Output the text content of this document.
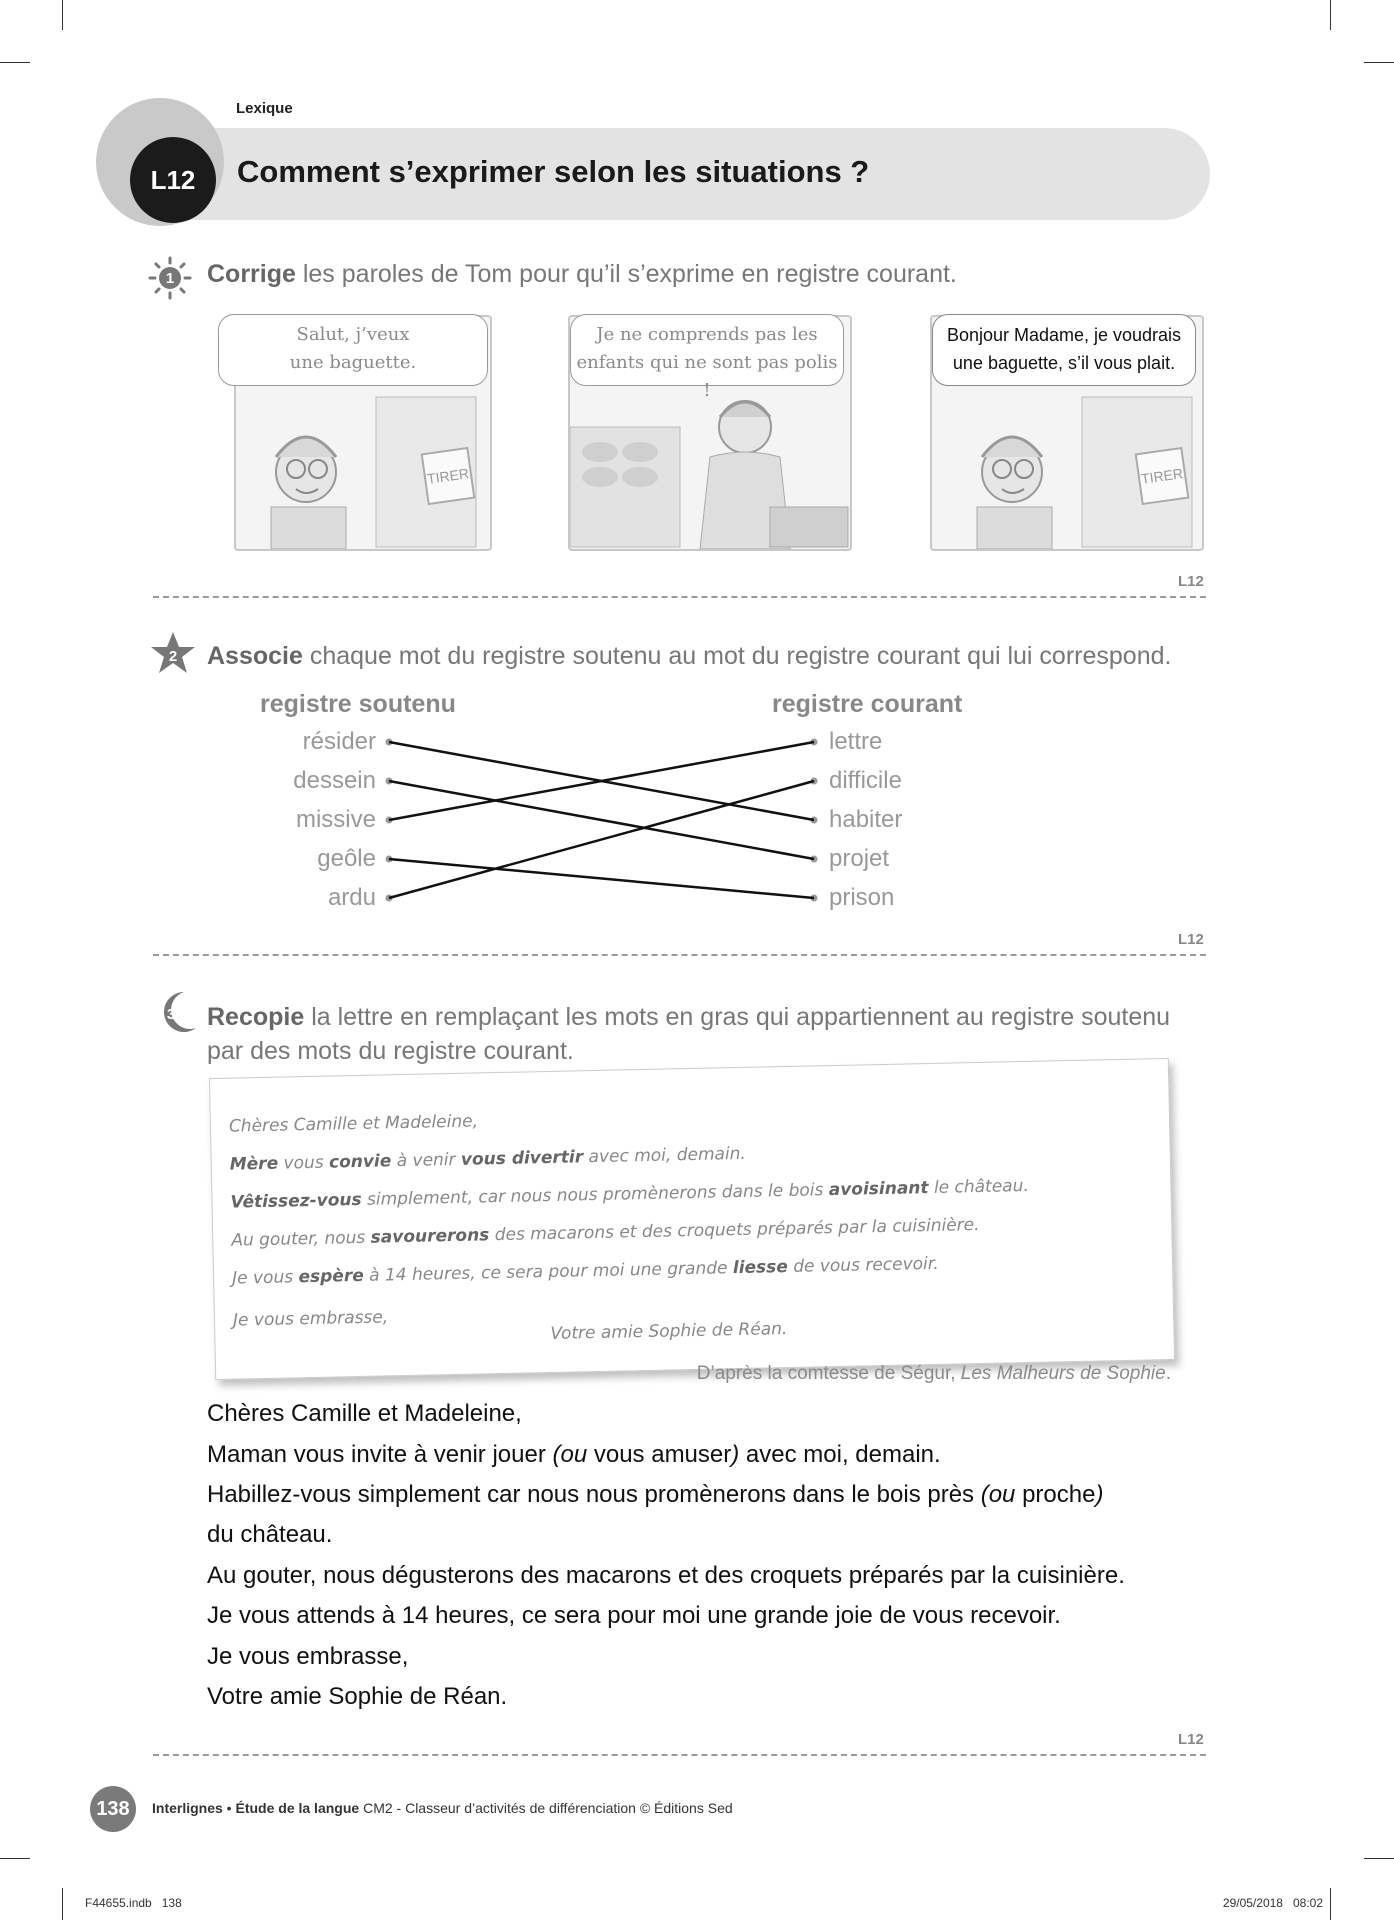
Lexique
L12	Comment s’exprimer selon les situations ?
1 Corrige les paroles de Tom pour qu’il s’exprime en registre courant.
Salut, j’veux
une baguette.
TIRER
Je ne comprends pas les
enfants qui ne sont pas polis !
Bonjour Madame, je voudrais
une baguette, s’il vous plait.
TIRER
L12
2 Associe chaque mot du registre soutenu au mot du registre courant qui lui correspond.
registre soutenu	registre courant
résider
dessein
missive
geôle
ardu
lettre
difficile
habiter
projet
prison
L12
3 Recopie la lettre en remplaçant les mots en gras qui appartiennent au registre soutenu
par des mots du registre courant.
Chères Camille et Madeleine,
Mère vous convie à venir vous divertir avec moi, demain.
Vêtissez-vous simplement, car nous nous promènerons dans le bois avoisinant le château.
Au gouter, nous savourerons des macarons et des croquets préparés par la cuisinière.
Je vous espère à 14 heures, ce sera pour moi une grande liesse de vous recevoir.
Je vous embrasse,
Votre amie Sophie de Réan.
D’après la comtesse de Ségur, Les Malheurs de Sophie.
Chères Camille et Madeleine,
Maman vous invite à venir jouer (ou vous amuser) avec moi, demain.
Habillez-vous simplement car nous nous promènerons dans le bois près (ou proche)
du château.
Au gouter, nous dégusterons des macarons et des croquets préparés par la cuisinière.
Je vous attends à 14 heures, ce sera pour moi une grande joie de vous recevoir.
Je vous embrasse,
Votre amie Sophie de Réan.
L12
138	Interlignes • Étude de la langue CM2 - Classeur d’activités de différenciation © Éditions Sed
F44655.indb   138	29/05/2018   08:02
